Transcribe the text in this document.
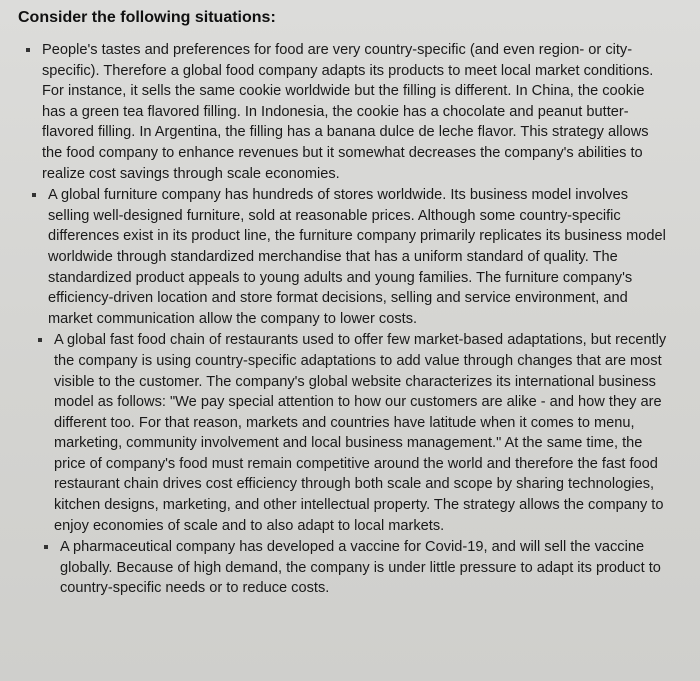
Consider the following situations:
People's tastes and preferences for food are very country-specific (and even region- or city-specific). Therefore a global food company adapts its products to meet local market conditions. For instance, it sells the same cookie worldwide but the filling is different. In China, the cookie has a green tea flavored filling. In Indonesia, the cookie has a chocolate and peanut butter-flavored filling. In Argentina, the filling has a banana dulce de leche flavor. This strategy allows the food company to enhance revenues but it somewhat decreases the company's abilities to realize cost savings through scale economies.
A global furniture company has hundreds of stores worldwide. Its business model involves selling well-designed furniture, sold at reasonable prices. Although some country-specific differences exist in its product line, the furniture company primarily replicates its business model worldwide through standardized merchandise that has a uniform standard of quality. The standardized product appeals to young adults and young families. The furniture company's efficiency-driven location and store format decisions, selling and service environment, and market communication allow the company to lower costs.
A global fast food chain of restaurants used to offer few market-based adaptations, but recently the company is using country-specific adaptations to add value through changes that are most visible to the customer. The company's global website characterizes its international business model as follows: "We pay special attention to how our customers are alike - and how they are different too. For that reason, markets and countries have latitude when it comes to menu, marketing, community involvement and local business management." At the same time, the price of company's food must remain competitive around the world and therefore the fast food restaurant chain drives cost efficiency through both scale and scope by sharing technologies, kitchen designs, marketing, and other intellectual property. The strategy allows the company to enjoy economies of scale and to also adapt to local markets.
A pharmaceutical company has developed a vaccine for Covid-19, and will sell the vaccine globally. Because of high demand, the company is under little pressure to adapt its product to country-specific needs or to reduce costs.
